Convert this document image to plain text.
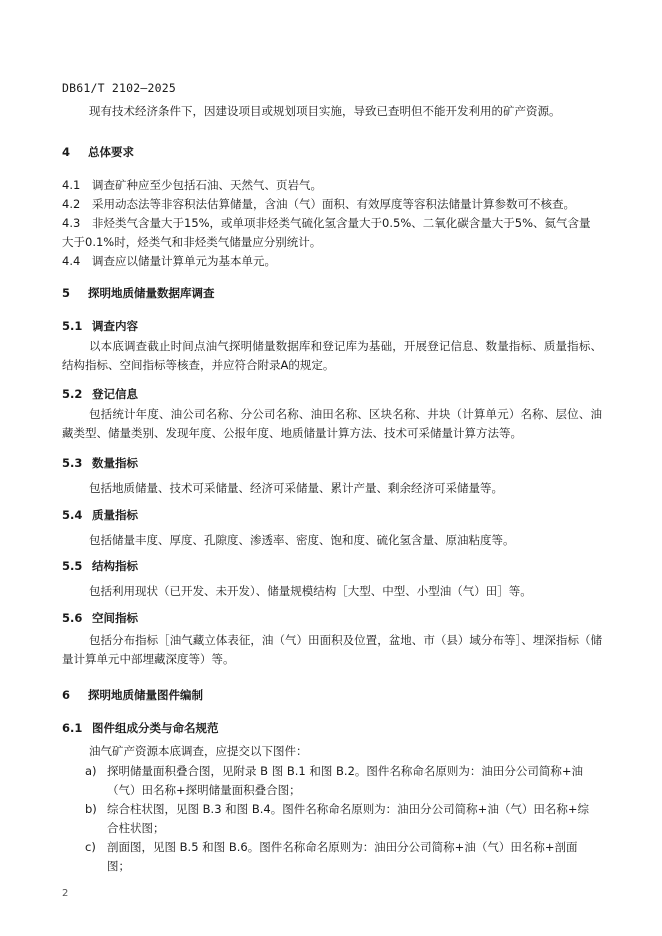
DB61/T 2102—2025

现有技术经济条件下，因建设项目或规划项目实施，导致已查明但不能开发利用的矿产资源。

4 总体要求
4.1 调查矿种应至少包括石油、天然气、页岩气。
4.2 采用动态法等非容积法估算储量，含油（气）面积、有效厚度等容积法储量计算参数可不核查。
4.3 非烃类气含量大于15%，或单项非烃类气硫化氢含量大于0.5%、二氧化碳含量大于5%、氦气含量大于0.1%时，烃类气和非烃类气储量应分别统计。
4.4 调查应以储量计算单元为基本单元。
5 探明地质储量数据库调查
5.1 调查内容

以本底调查截止时间点油气探明储量数据库和登记库为基础，开展登记信息、数量指标、质量指标、结构指标、空间指标等核查，并应符合附录A的规定。

5.2 登记信息

包括统计年度、油公司名称、分公司名称、油田名称、区块名称、井块（计算单元）名称、层位、油藏类型、储量类别、发现年度、公报年度、地质储量计算方法、技术可采储量计算方法等。

5.3 数量指标

包括地质储量、技术可采储量、经济可采储量、累计产量、剩余经济可采储量等。

5.4 质量指标

包括储量丰度、厚度、孔隙度、渗透率、密度、饱和度、硫化氢含量、原油粘度等。

5.5 结构指标

包括利用现状（已开发、未开发）、储量规模结构［大型、中型、小型油（气）田］等。

5.6 空间指标

包括分布指标［油气藏立体表征，油（气）田面积及位置，盆地、市（县）域分布等］、埋深指标（储量计算单元中部埋藏深度等）等。

6 探明地质储量图件编制
6.1 图件组成分类与命名规范

油气矿产资源本底调查，应提交以下图件：

a) 探明储量面积叠合图，见附录 B 图 B.1 和图 B.2。图件名称命名原则为：油田分公司简称+油（气）田名称+探明储量面积叠合图；
b) 综合柱状图，见图 B.3 和图 B.4。图件名称命名原则为：油田分公司简称+油（气）田名称+综合柱状图；
c) 剖面图，见图 B.5 和图 B.6。图件名称命名原则为：油田分公司简称+油（气）田名称+剖面图；
2
